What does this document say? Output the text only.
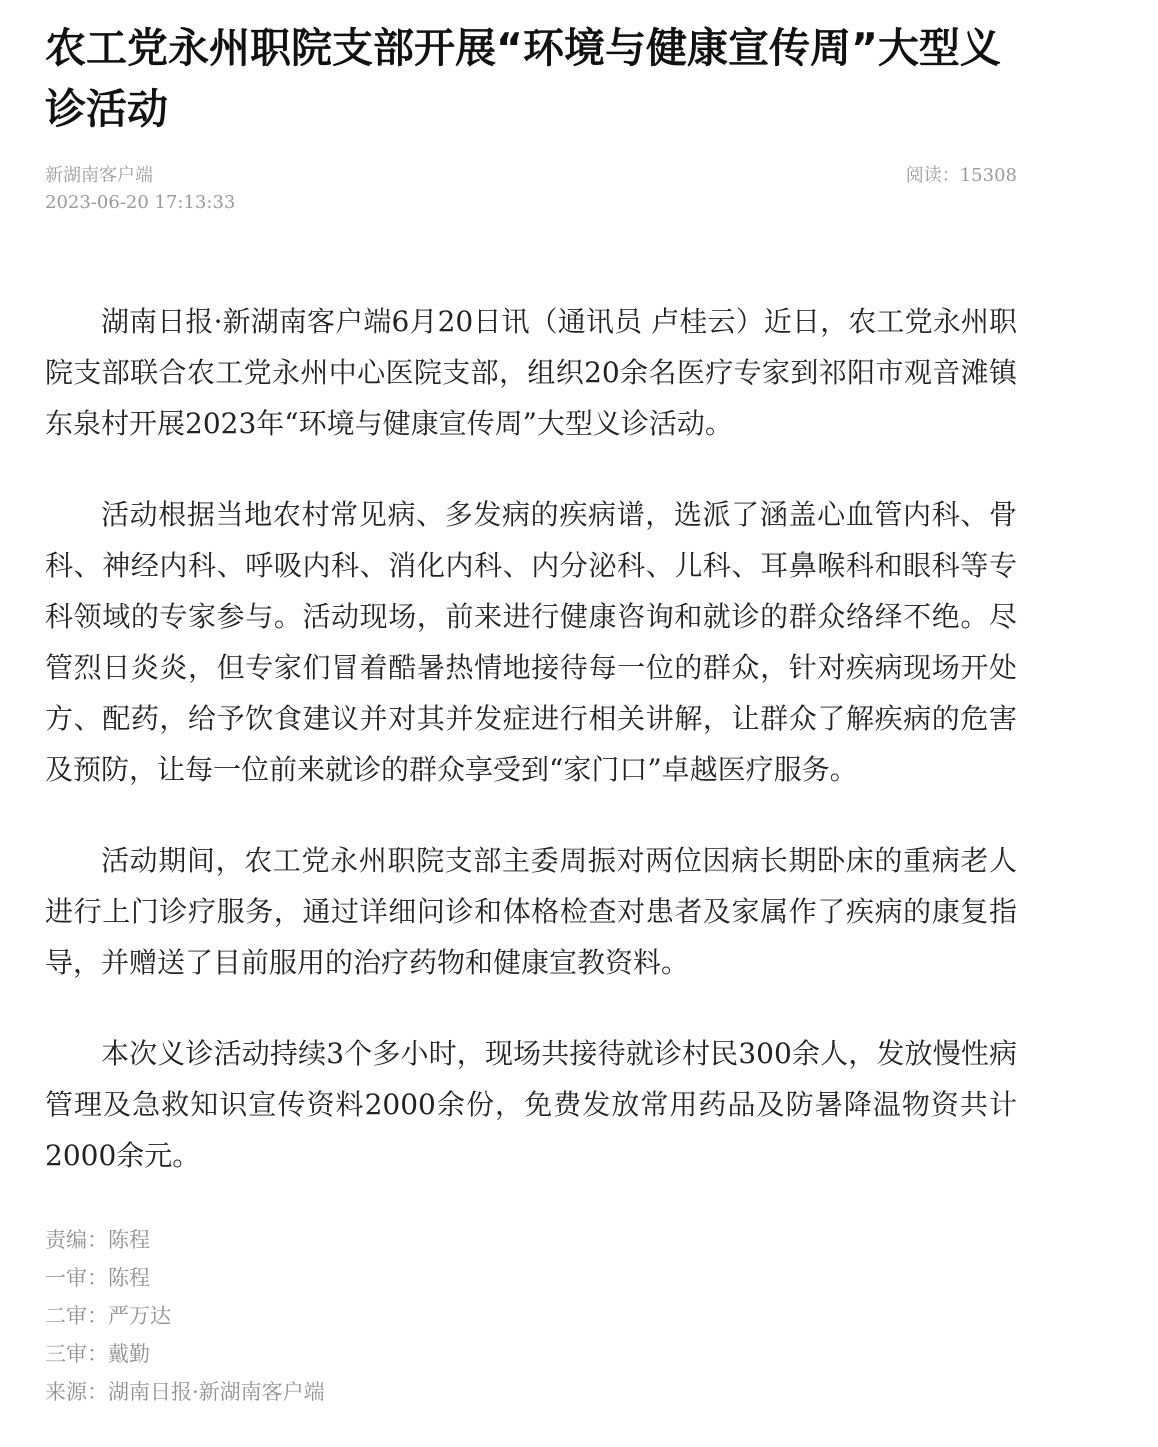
农工党永州职院支部开展“环境与健康宣传周”大型义诊活动
新湖南客户端
2023-06-20 17:13:33
阅读：15308

湖南日报·新湖南客户端6月20日讯（通讯员 卢桂云）近日，农工党永州职院支部联合农工党永州中心医院支部，组织20余名医疗专家到祁阳市观音滩镇东泉村开展2023年“环境与健康宣传周”大型义诊活动。

活动根据当地农村常见病、多发病的疾病谱，选派了涵盖心血管内科、骨科、神经内科、呼吸内科、消化内科、内分泌科、儿科、耳鼻喉科和眼科等专科领域的专家参与。活动现场，前来进行健康咨询和就诊的群众络绎不绝。尽管烈日炎炎，但专家们冒着酷暑热情地接待每一位的群众，针对疾病现场开处方、配药，给予饮食建议并对其并发症进行相关讲解，让群众了解疾病的危害及预防，让每一位前来就诊的群众享受到“家门口”卓越医疗服务。

活动期间，农工党永州职院支部主委周振对两位因病长期卧床的重病老人进行上门诊疗服务，通过详细问诊和体格检查对患者及家属作了疾病的康复指导，并赠送了目前服用的治疗药物和健康宣教资料。

本次义诊活动持续3个多小时，现场共接待就诊村民300余人，发放慢性病管理及急救知识宣传资料2000余份，免费发放常用药品及防暑降温物资共计2000余元。

责编：陈程
一审：陈程
二审：严万达
三审：戴勤
来源：湖南日报·新湖南客户端
